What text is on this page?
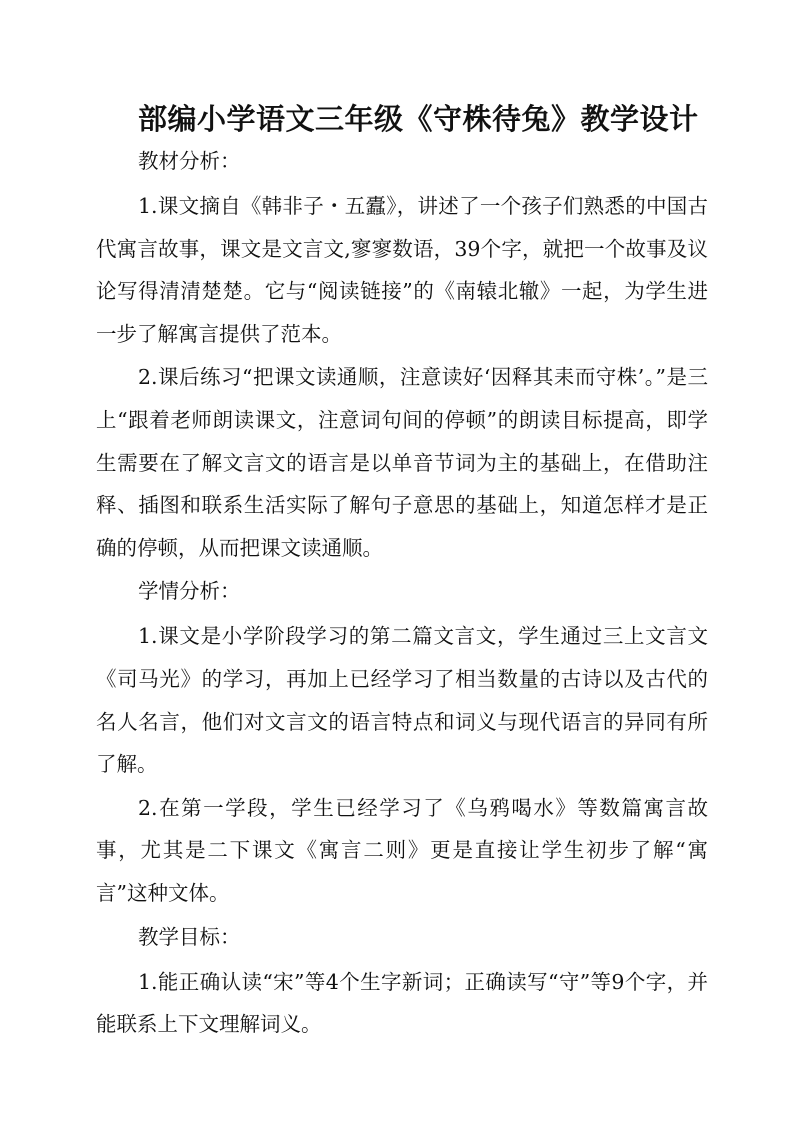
部编小学语文三年级《守株待兔》教学设计

教材分析：

1.课文摘自《韩非子・五蠹》，讲述了一个孩子们熟悉的中国古代寓言故事，课文是文言文,寥寥数语，39个字，就把一个故事及议论写得清清楚楚。它与“阅读链接”的《南辕北辙》一起，为学生进一步了解寓言提供了范本。

2.课后练习“把课文读通顺，注意读好‘因释其耒而守株’。”是三上“跟着老师朗读课文，注意词句间的停顿”的朗读目标提高，即学生需要在了解文言文的语言是以单音节词为主的基础上，在借助注释、插图和联系生活实际了解句子意思的基础上，知道怎样才是正确的停顿，从而把课文读通顺。

学情分析：

1.课文是小学阶段学习的第二篇文言文，学生通过三上文言文《司马光》的学习，再加上已经学习了相当数量的古诗以及古代的名人名言，他们对文言文的语言特点和词义与现代语言的异同有所了解。

2.在第一学段，学生已经学习了《乌鸦喝水》等数篇寓言故事，尤其是二下课文《寓言二则》更是直接让学生初步了解“寓言”这种文体。

教学目标：

1.能正确认读“宋”等4个生字新词；正确读写“守”等9个字，并能联系上下文理解词义。
